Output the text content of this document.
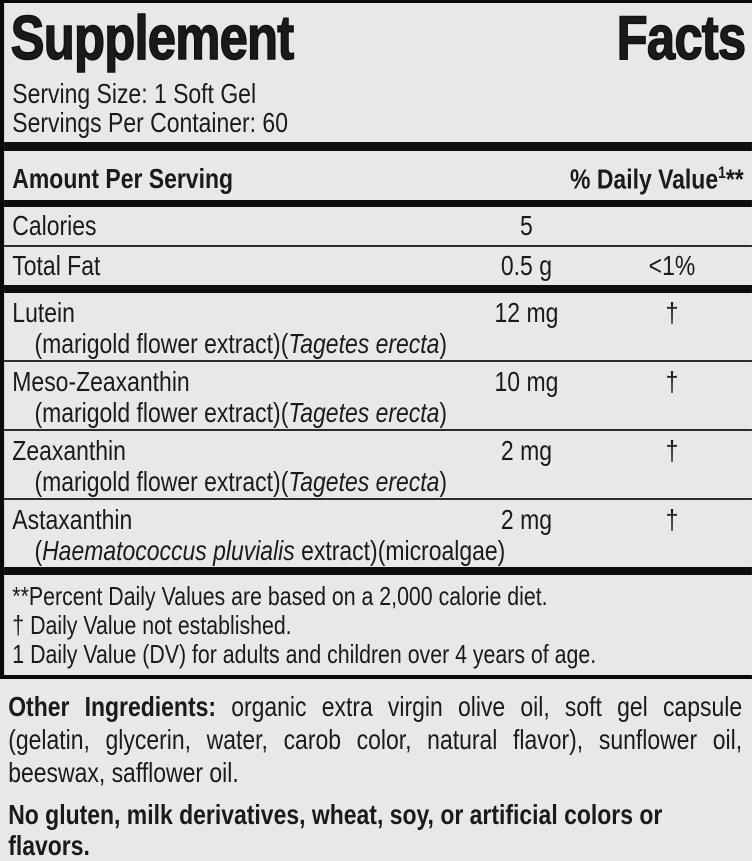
Supplement Facts

Serving Size: 1 Soft Gel

Servings Per Container: 60

Amount Per Serving	% Daily Value$^1$**
Calories	5
Total Fat	0.5 g	<1%
Lutein	12 mg	†
(marigold flower extract)(Tagetes erecta)
Meso-Zeaxanthin	10 mg	†
(marigold flower extract)(Tagetes erecta)
Zeaxanthin	2 mg	†
(marigold flower extract)(Tagetes erecta)
Astaxanthin	2 mg	†
(Haematococcus pluvialis extract)(microalgae)

**Percent Daily Values are based on a 2,000 calorie diet.

† Daily Value not established.

1 Daily Value (DV) for adults and children over 4 years of age.

Other Ingredients: organic extra virgin olive oil, soft gel capsule (gelatin, glycerin, water, carob color, natural flavor), sunflower oil, beeswax, safflower oil.

No gluten, milk derivatives, wheat, soy, or artificial colors or flavors.
